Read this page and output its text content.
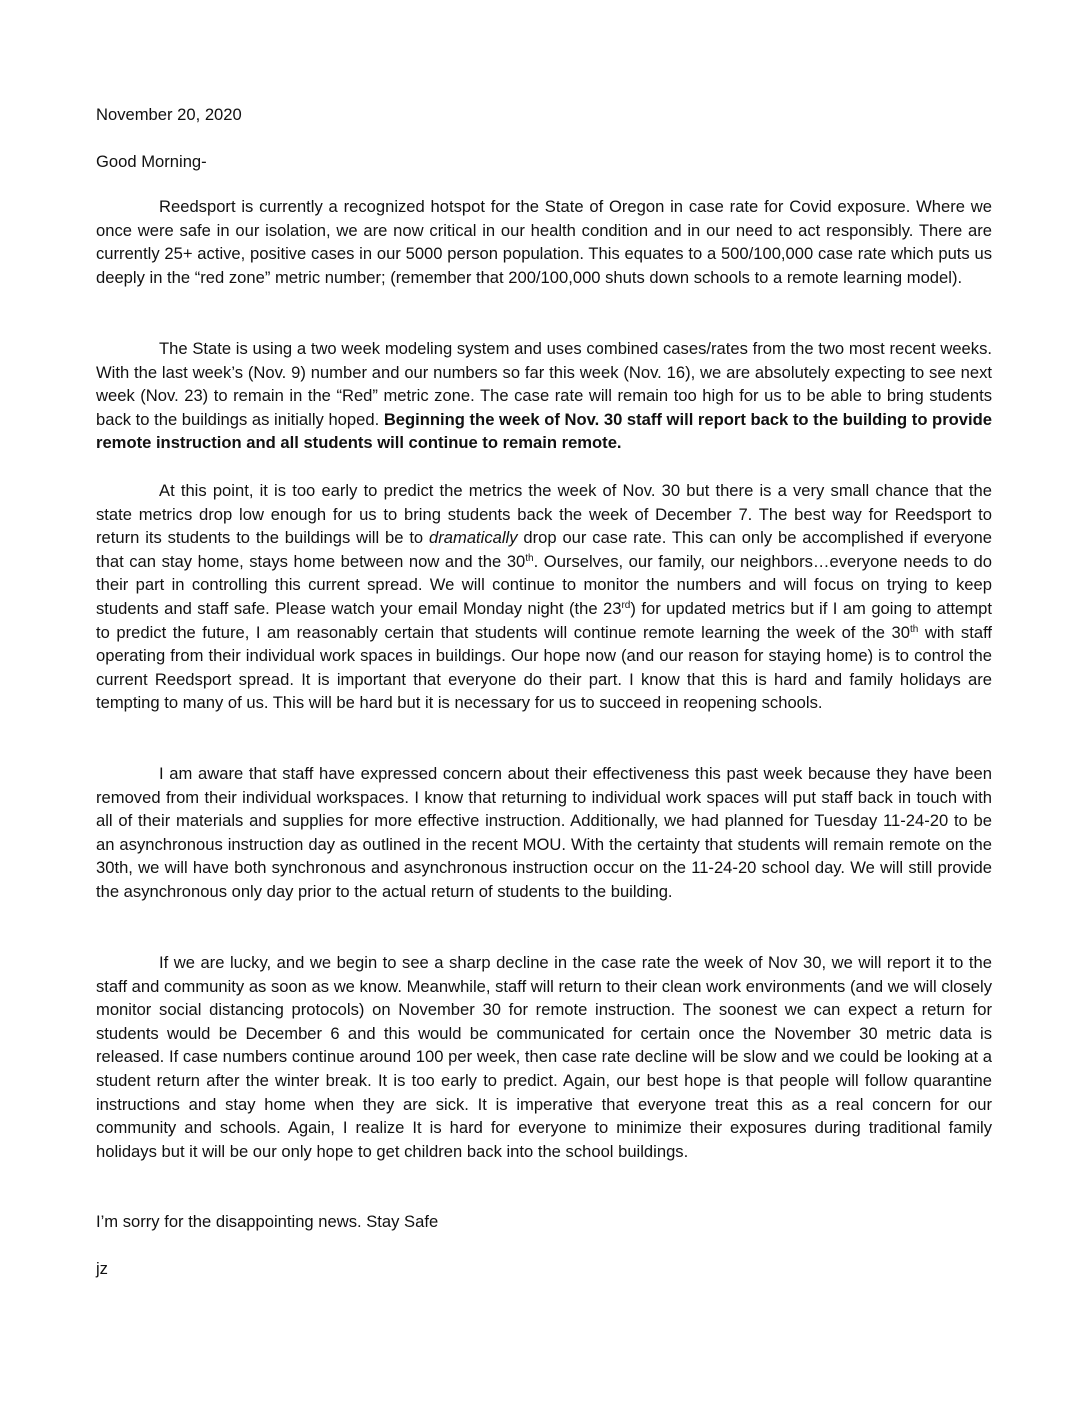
November 20, 2020

Good Morning-

Reedsport is currently a recognized hotspot for the State of Oregon in case rate for Covid exposure. Where we once were safe in our isolation, we are now critical in our health condition and in our need to act responsibly. There are currently 25+ active, positive cases in our 5000 person population. This equates to a 500/100,000 case rate which puts us deeply in the “red zone” metric number; (remember that 200/100,000 shuts down schools to a remote learning model).

The State is using a two week modeling system and uses combined cases/rates from the two most recent weeks. With the last week’s (Nov. 9) number and our numbers so far this week (Nov. 16), we are absolutely expecting to see next week (Nov. 23) to remain in the “Red” metric zone. The case rate will remain too high for us to be able to bring students back to the buildings as initially hoped. Beginning the week of Nov. 30 staff will report back to the building to provide remote instruction and all students will continue to remain remote.

At this point, it is too early to predict the metrics the week of Nov. 30 but there is a very small chance that the state metrics drop low enough for us to bring students back the week of December 7. The best way for Reedsport to return its students to the buildings will be to dramatically drop our case rate. This can only be accomplished if everyone that can stay home, stays home between now and the 30th. Ourselves, our family, our neighbors…everyone needs to do their part in controlling this current spread. We will continue to monitor the numbers and will focus on trying to keep students and staff safe. Please watch your email Monday night (the 23rd) for updated metrics but if I am going to attempt to predict the future, I am reasonably certain that students will continue remote learning the week of the 30th with staff operating from their individual work spaces in buildings. Our hope now (and our reason for staying home) is to control the current Reedsport spread. It is important that everyone do their part. I know that this is hard and family holidays are tempting to many of us. This will be hard but it is necessary for us to succeed in reopening schools.

I am aware that staff have expressed concern about their effectiveness this past week because they have been removed from their individual workspaces. I know that returning to individual work spaces will put staff back in touch with all of their materials and supplies for more effective instruction. Additionally, we had planned for Tuesday 11-24-20 to be an asynchronous instruction day as outlined in the recent MOU. With the certainty that students will remain remote on the 30th, we will have both synchronous and asynchronous instruction occur on the 11-24-20 school day. We will still provide the asynchronous only day prior to the actual return of students to the building.

If we are lucky, and we begin to see a sharp decline in the case rate the week of Nov 30, we will report it to the staff and community as soon as we know. Meanwhile, staff will return to their clean work environments (and we will closely monitor social distancing protocols) on November 30 for remote instruction. The soonest we can expect a return for students would be December 6 and this would be communicated for certain once the November 30 metric data is released. If case numbers continue around 100 per week, then case rate decline will be slow and we could be looking at a student return after the winter break. It is too early to predict. Again, our best hope is that people will follow quarantine instructions and stay home when they are sick. It is imperative that everyone treat this as a real concern for our community and schools. Again, I realize It is hard for everyone to minimize their exposures during traditional family holidays but it will be our only hope to get children back into the school buildings.

I’m sorry for the disappointing news. Stay Safe

jz
